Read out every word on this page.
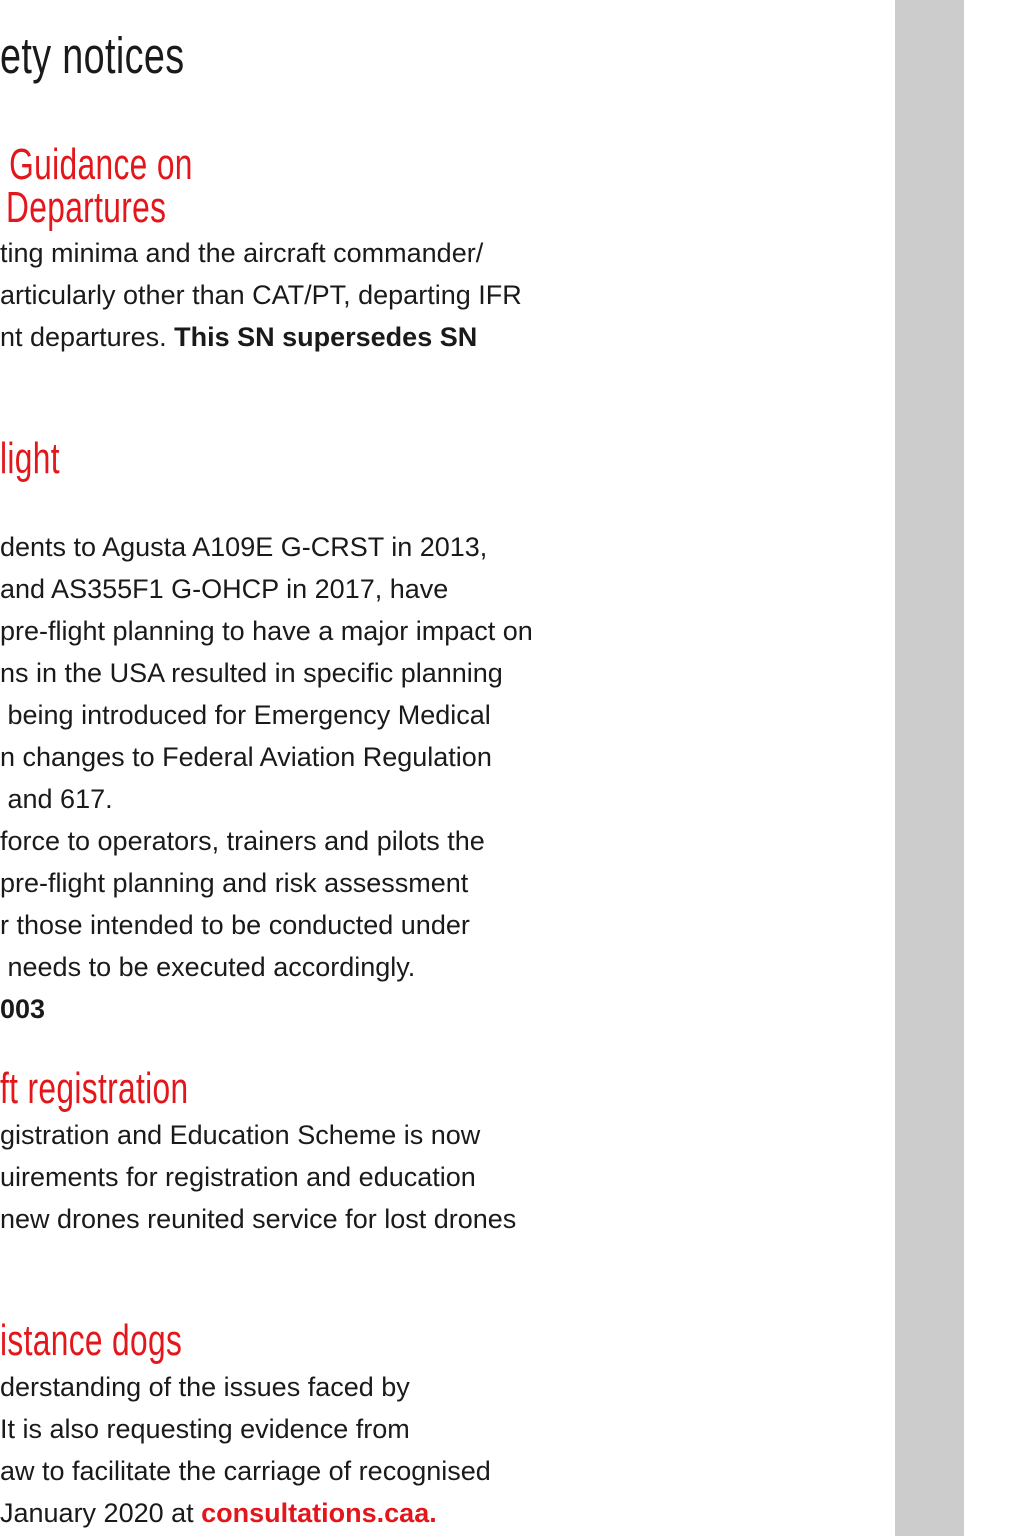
ety notices
Guidance on
Departures
ting minima and the aircraft commander/
articularly other than CAT/PT, departing IFR
nt departures. This SN supersedes SN
light
dents to Agusta A109E G-CRST in 2013,
and AS355F1 G-OHCP in 2017, have
pre-flight planning to have a major impact on
ns in the USA resulted in specific planning
being introduced for Emergency Medical
n changes to Federal Aviation Regulation
and 617.
force to operators, trainers and pilots the
pre-flight planning and risk assessment
r those intended to be conducted under
needs to be executed accordingly.
003
ft registration
gistration and Education Scheme is now
uirements for registration and education
new drones reunited service for lost drones
istance dogs
derstanding of the issues faced by
It is also requesting evidence from
aw to facilitate the carriage of recognised
January 2020 at consultations.caa.
